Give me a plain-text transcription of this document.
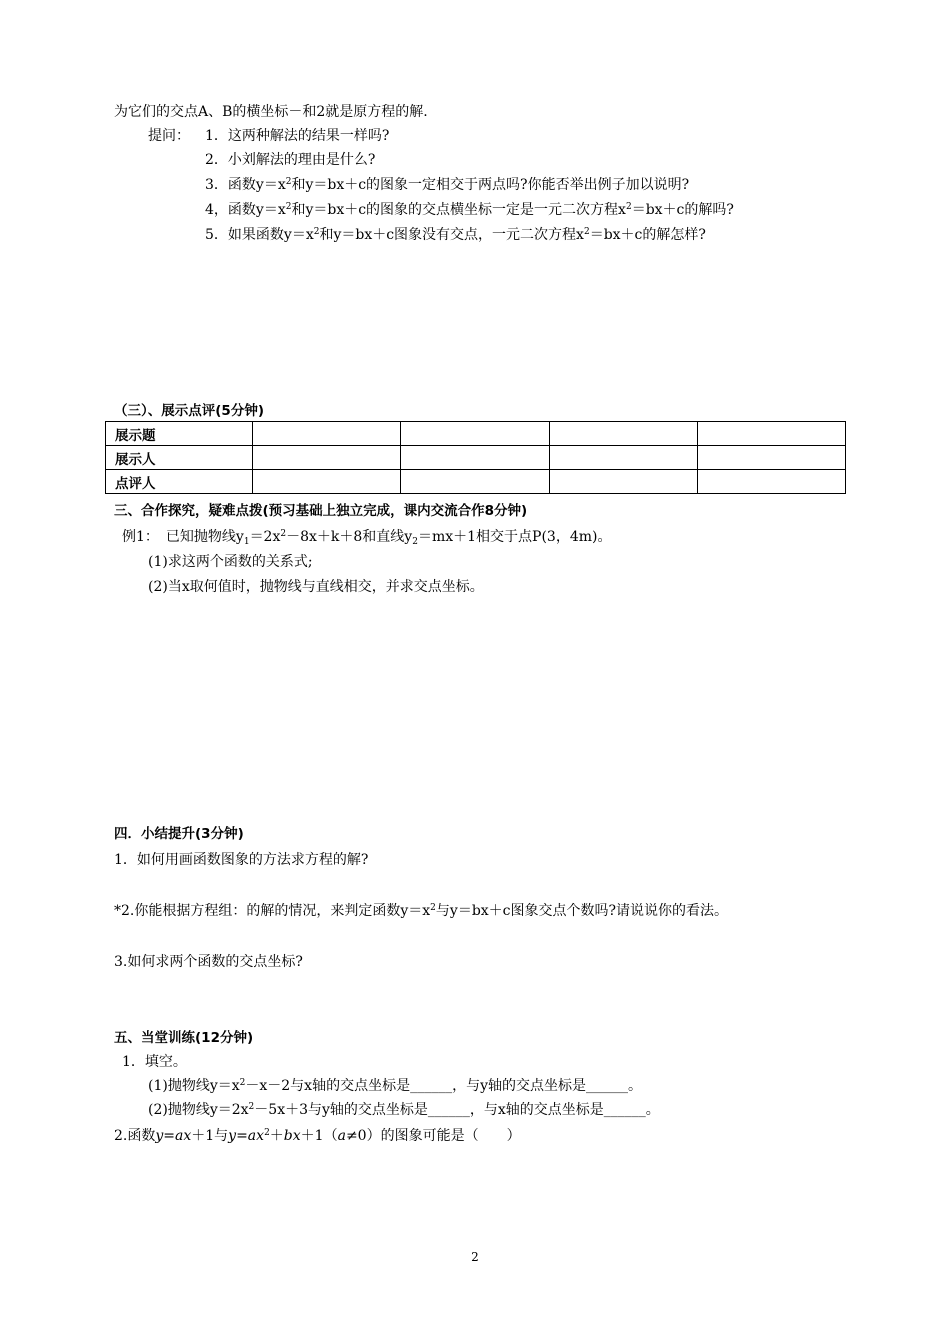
为它们的交点A、B的横坐标－和2就是原方程的解.
提问： 1．这两种解法的结果一样吗?
2．小刘解法的理由是什么?
3．函数$y=x^2$和y＝bx＋c的图象一定相交于两点吗?你能否举出例子加以说明?
4，函数$y=x^2$和y＝bx＋c的图象的交点横坐标一定是一元二次方程$x^2=bx+c$的解吗?
5．如果函数$y=x^2$和y＝bx＋c图象没有交点，一元二次方程$x^2=bx+c$的解怎样?
（三）、展示点评(5分钟)
展示题				
展示人				
点评人				
三、合作探究，疑难点拨(预习基础上独立完成，课内交流合作8分钟)
例1：　已知抛物线$y_1=2x^2-8x+k+8$和直线$y_2=mx+1$相交于点P(3，4m)。
(1)求这两个函数的关系式;
(2)当x取何值时，抛物线与直线相交，并求交点坐标。
四．小结提升(3分钟)
1．如何用画函数图象的方法求方程的解?
*2.你能根据方程组：的解的情况，来判定函数$y=x^2$与y＝bx＋c图象交点个数吗?请说说你的看法。
3.如何求两个函数的交点坐标?
五、当堂训练(12分钟)
1．填空。
(1)抛物线$y=x^2-x-2$与x轴的交点坐标是______，与y轴的交点坐标是______。
(2)抛物线$y=2x^2-5x+3$与y轴的交点坐标是______，与x轴的交点坐标是______。
2.函数y=ax＋1与$y=ax^2+bx+1(a\ne 0)$的图象可能是（　　）
2
